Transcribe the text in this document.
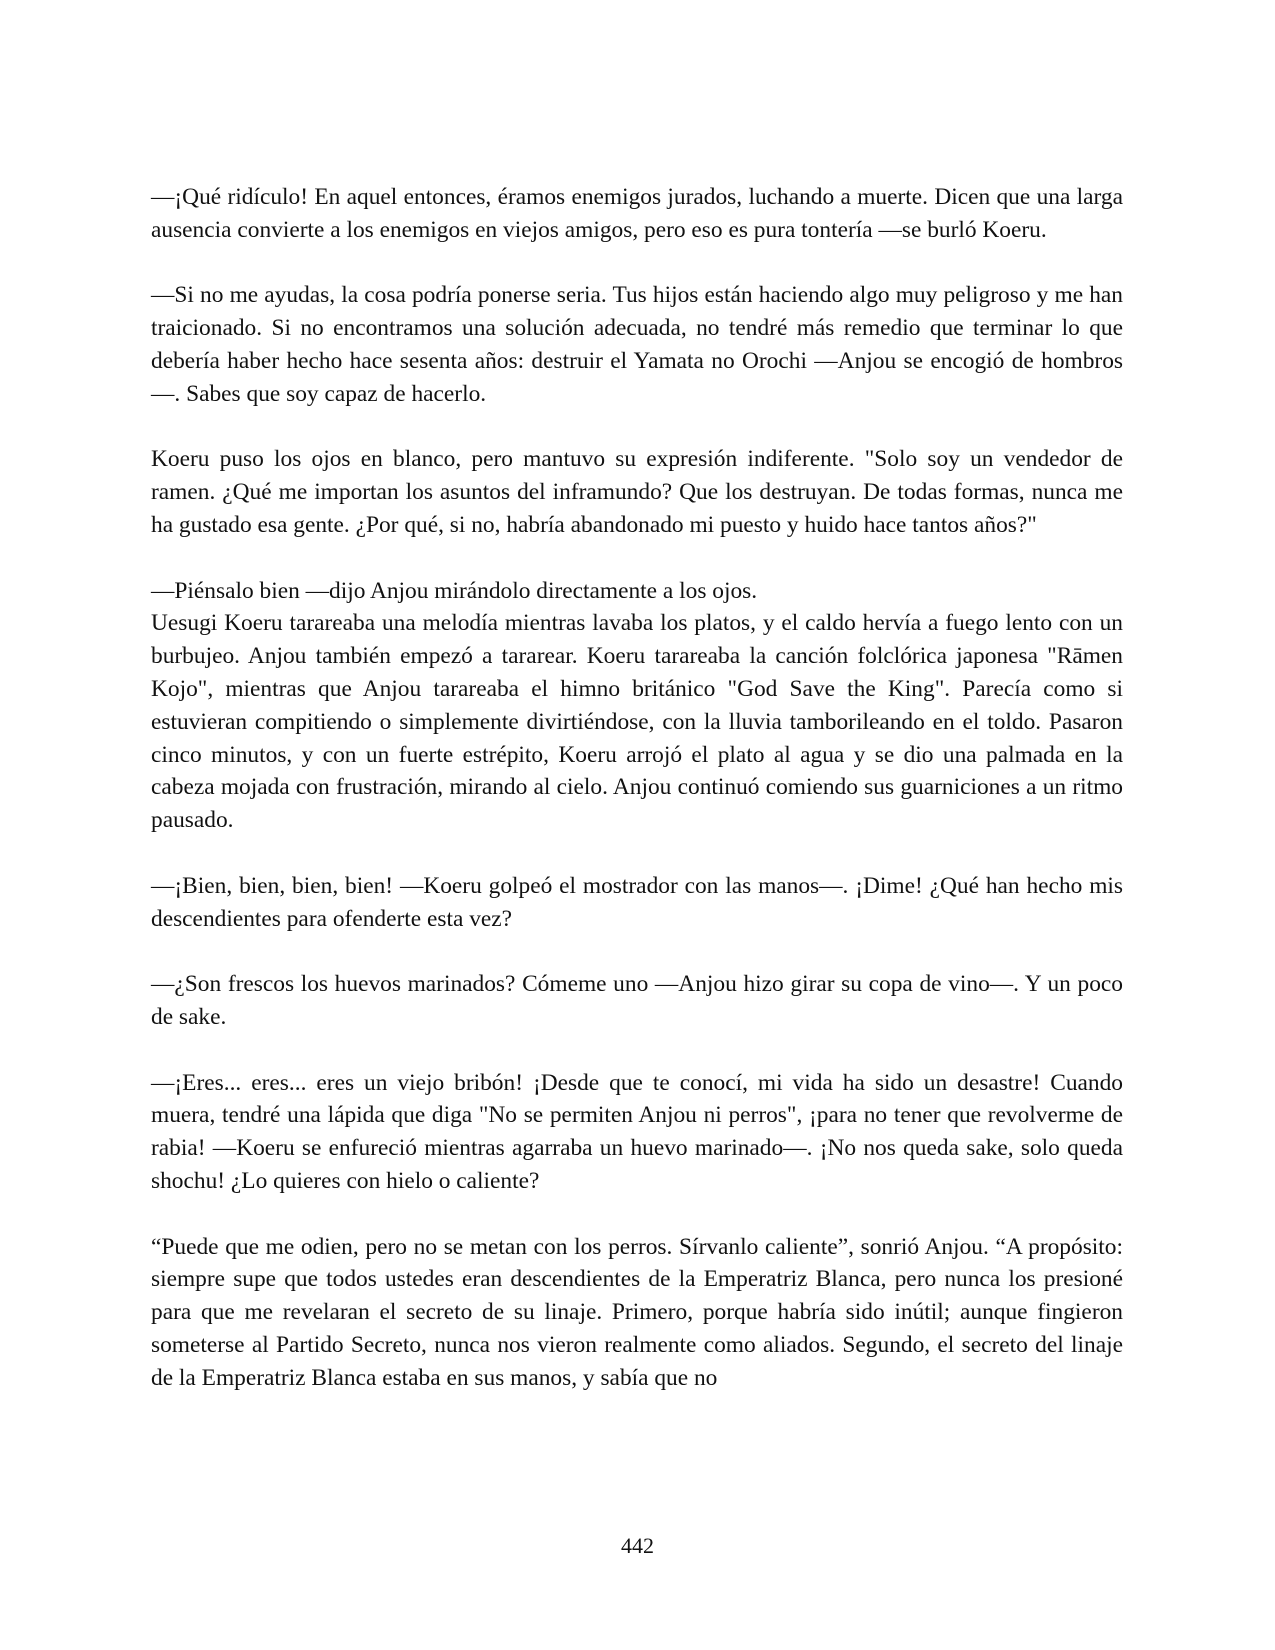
—¡Qué ridículo! En aquel entonces, éramos enemigos jurados, luchando a muerte. Dicen que una larga ausencia convierte a los enemigos en viejos amigos, pero eso es pura tontería —se burló Koeru.

—Si no me ayudas, la cosa podría ponerse seria. Tus hijos están haciendo algo muy peligroso y me han traicionado. Si no encontramos una solución adecuada, no tendré más remedio que terminar lo que debería haber hecho hace sesenta años: destruir el Yamata no Orochi —Anjou se encogió de hombros—. Sabes que soy capaz de hacerlo.

Koeru puso los ojos en blanco, pero mantuvo su expresión indiferente. "Solo soy un vendedor de ramen. ¿Qué me importan los asuntos del inframundo? Que los destruyan. De todas formas, nunca me ha gustado esa gente. ¿Por qué, si no, habría abandonado mi puesto y huido hace tantos años?"

—Piénsalo bien —dijo Anjou mirándolo directamente a los ojos.

Uesugi Koeru tarareaba una melodía mientras lavaba los platos, y el caldo hervía a fuego lento con un burbujeo. Anjou también empezó a tararear. Koeru tarareaba la canción folclórica japonesa "Rāmen Kojo", mientras que Anjou tarareaba el himno británico "God Save the King". Parecía como si estuvieran compitiendo o simplemente divirtiéndose, con la lluvia tamborileando en el toldo. Pasaron cinco minutos, y con un fuerte estrépito, Koeru arrojó el plato al agua y se dio una palmada en la cabeza mojada con frustración, mirando al cielo. Anjou continuó comiendo sus guarniciones a un ritmo pausado.

—¡Bien, bien, bien, bien! —Koeru golpeó el mostrador con las manos—. ¡Dime! ¿Qué han hecho mis descendientes para ofenderte esta vez?

—¿Son frescos los huevos marinados? Cómeme uno —Anjou hizo girar su copa de vino—. Y un poco de sake.

—¡Eres... eres... eres un viejo bribón! ¡Desde que te conocí, mi vida ha sido un desastre! Cuando muera, tendré una lápida que diga "No se permiten Anjou ni perros", ¡para no tener que revolverme de rabia! —Koeru se enfureció mientras agarraba un huevo marinado—. ¡No nos queda sake, solo queda shochu! ¿Lo quieres con hielo o caliente?

“Puede que me odien, pero no se metan con los perros. Sírvanlo caliente”, sonrió Anjou. “A propósito: siempre supe que todos ustedes eran descendientes de la Emperatriz Blanca, pero nunca los presioné para que me revelaran el secreto de su linaje. Primero, porque habría sido inútil; aunque fingieron someterse al Partido Secreto, nunca nos vieron realmente como aliados. Segundo, el secreto del linaje de la Emperatriz Blanca estaba en sus manos, y sabía que no

442
